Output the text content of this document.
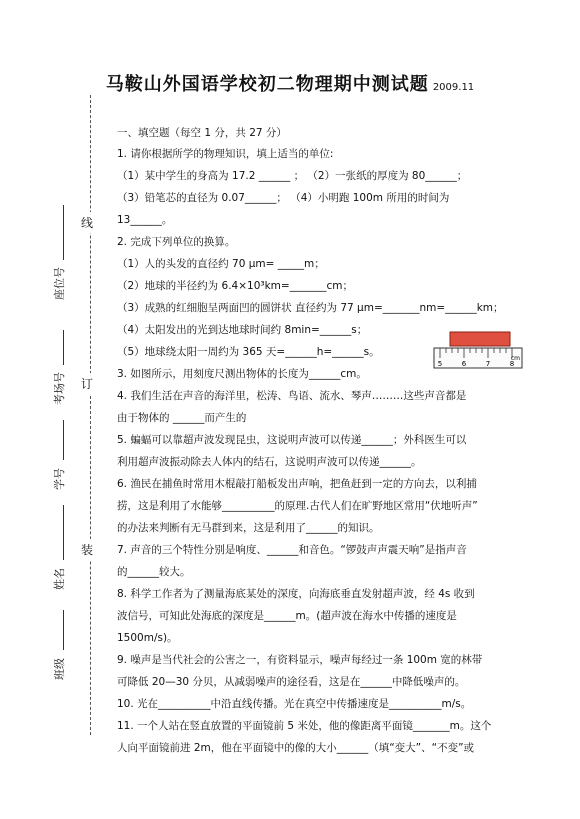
马鞍山外国语学校初二物理期中测试题 2009.11
线
订
装
座位号
考场号
学号
姓名
班级
一、填空题（每空 1 分，共 27 分）
1. 请你根据所学的物理知识，填上适当的单位:
（1）某中学生的身高为 17.2 ______ ； （2）一张纸的厚度为 80______；
（3）铅笔芯的直径为 0.07______； （4）小明跑 100m 所用的时间为
13______。
2. 完成下列单位的换算。
（1）人的头发的直径约 70 μm= _____m；
（2）地球的半径约为 6.4×10³km=_______cm；
（3）成熟的红细胞呈两面凹的圆饼状 直径约为 77 μm=_______nm=______km；
（4）太阳发出的光到达地球时间约 8min=______s；
（5）地球绕太阳一周约为 365 天=______h=______s。
3. 如图所示，用刻度尺测出物体的长度为______cm。
4. 我们生活在声音的海洋里，松涛、鸟语、流水、琴声………这些声音都是
由于物体的 ______而产生的
5. 蝙蝠可以靠超声波发现昆虫，这说明声波可以传递______；外科医生可以
利用超声波振动除去人体内的结石，这说明声波可以传递______。
6. 渔民在捕鱼时常用木棍敲打船板发出声响，把鱼赶到一定的方向去，以利捕
捞，这是利用了水能够__________的原理.古代人们在旷野地区常用“伏地听声”
的办法来判断有无马群到来，这是利用了______的知识。
7. 声音的三个特性分别是响度、______和音色。“锣鼓声声震天响”是指声音
的______较大。
8. 科学工作者为了测量海底某处的深度，向海底垂直发射超声波，经 4s 收到
波信号，可知此处海底的深度是______m。(超声波在海水中传播的速度是
1500m/s)。
9. 噪声是当代社会的公害之一，有资料显示，噪声每经过一条 100m 宽的林带
可降低 20—30 分贝，从减弱噪声的途径看，这是在______中降低噪声的。
10. 光在__________中沿直线传播。光在真空中传播速度是__________m/s。
11. 一个人站在竖直放置的平面镜前 5 米处，他的像距离平面镜_______m。这个
人向平面镜前进 2m，他在平面镜中的像的大小______（填“变大”、“不变”或
5	6	7	8
cm
